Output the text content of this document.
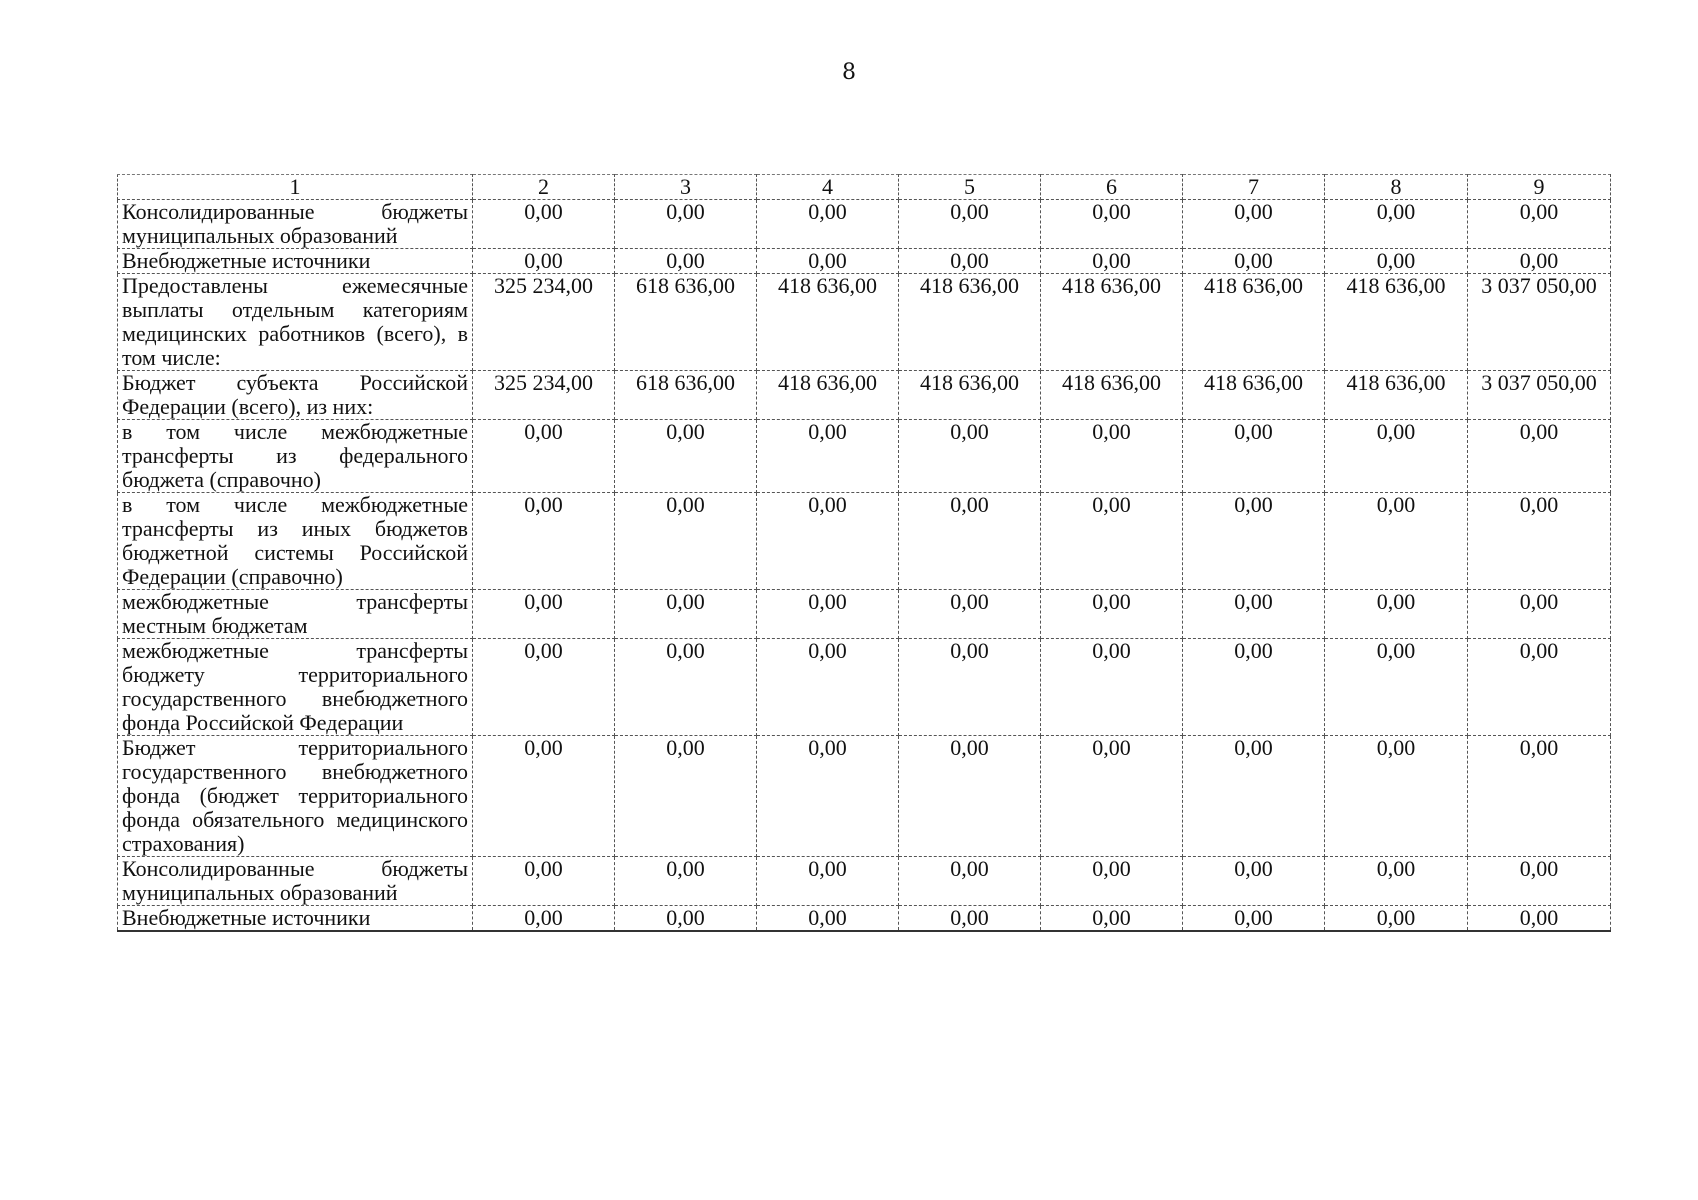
8
1	2	3	4	5	6	7	8	9
Консолидированные бюджеты муниципальных образований	0,00	0,00	0,00	0,00	0,00	0,00	0,00	0,00
Внебюджетные источники	0,00	0,00	0,00	0,00	0,00	0,00	0,00	0,00
Предоставлены ежемесячные выплаты отдельным категориям медицинских работников (всего), в том числе:	325 234,00	618 636,00	418 636,00	418 636,00	418 636,00	418 636,00	418 636,00	3 037 050,00
Бюджет субъекта Российской Федерации (всего), из них:	325 234,00	618 636,00	418 636,00	418 636,00	418 636,00	418 636,00	418 636,00	3 037 050,00
в том числе межбюджетные трансферты из федерального бюджета (справочно)	0,00	0,00	0,00	0,00	0,00	0,00	0,00	0,00
в том числе межбюджетные трансферты из иных бюджетов бюджетной системы Российской Федерации (справочно)	0,00	0,00	0,00	0,00	0,00	0,00	0,00	0,00
межбюджетные трансферты местным бюджетам	0,00	0,00	0,00	0,00	0,00	0,00	0,00	0,00
межбюджетные трансферты бюджету территориального государственного внебюджетного фонда Российской Федерации	0,00	0,00	0,00	0,00	0,00	0,00	0,00	0,00
Бюджет территориального государственного внебюджетного фонда (бюджет территориального фонда обязательного медицинского страхования)	0,00	0,00	0,00	0,00	0,00	0,00	0,00	0,00
Консолидированные бюджеты муниципальных образований	0,00	0,00	0,00	0,00	0,00	0,00	0,00	0,00
Внебюджетные источники	0,00	0,00	0,00	0,00	0,00	0,00	0,00	0,00
